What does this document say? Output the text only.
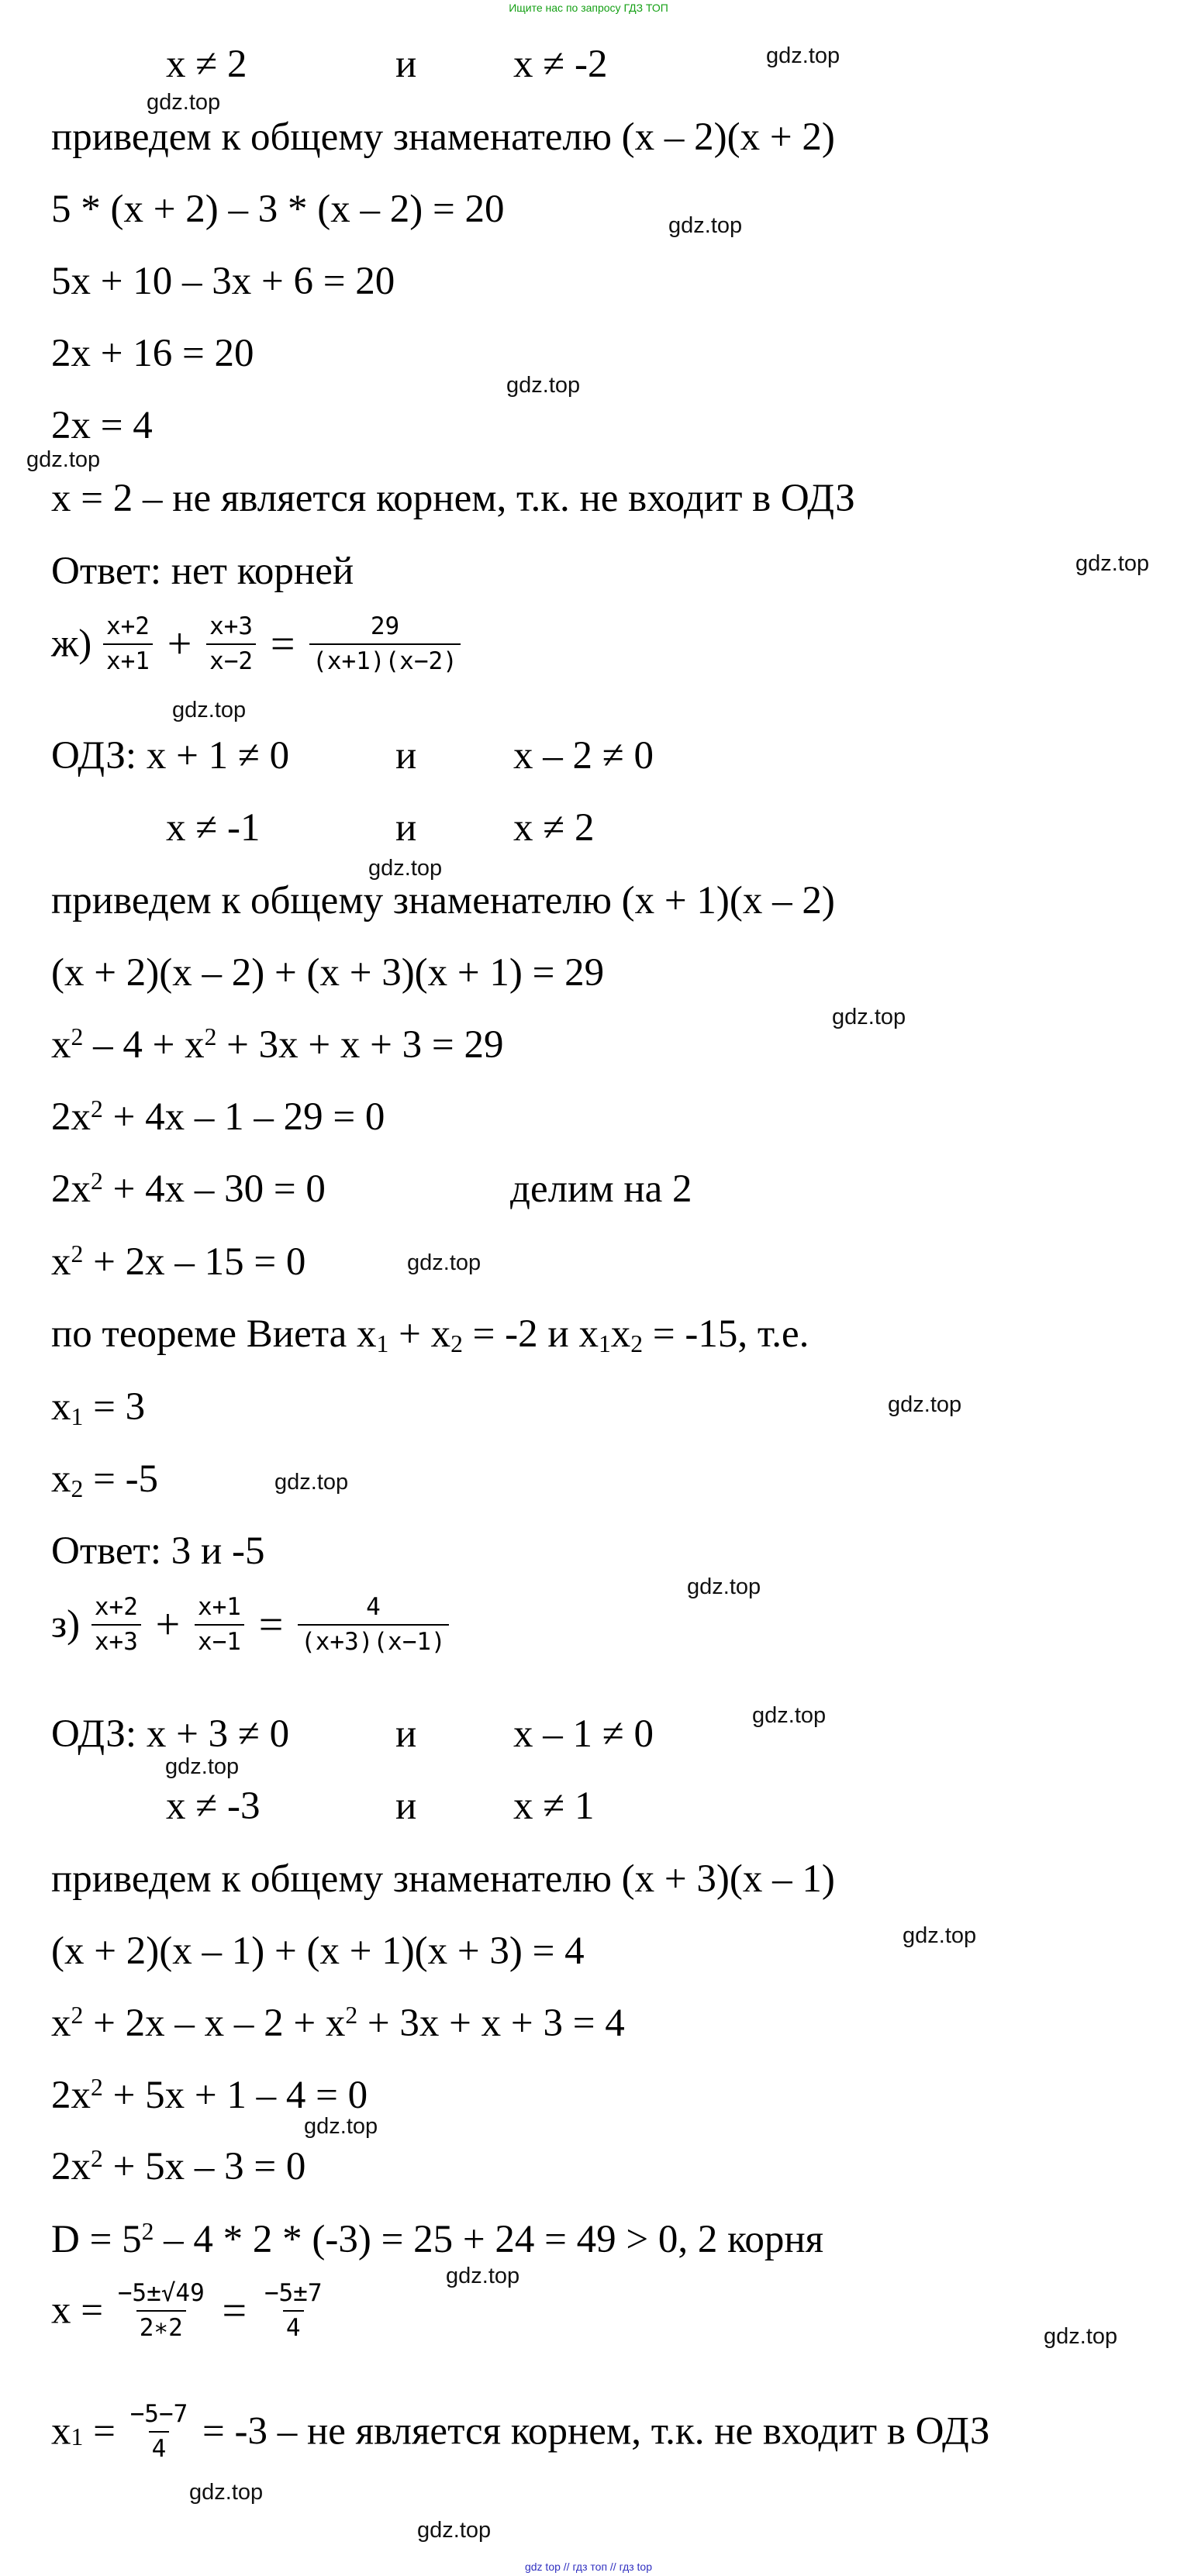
Ищите нас по запросу ГДЗ ТОП
x ≠ 2	и x ≠ -2
приведем к общему знаменателю (x – 2)(x + 2)
5 * (x + 2) – 3 * (x – 2) = 20
5x + 10 – 3x + 6 = 20
2x + 16 = 20
2x = 4
x = 2 – не является корнем, т.к. не входит в ОДЗ
Ответ: нет корней
$ж) \frac{x+2}{x+1} + \frac{x+3}{x-2} = \frac{29}{(x+1)(x-2)}$
ОДЗ: x + 1 ≠ 0	и x – 2 ≠ 0
x ≠ -1	и x ≠ 2
приведем к общему знаменателю (x + 1)(x – 2)
(x + 2)(x – 2) + (x + 3)(x + 1) = 29
$x^2 - 4 + x^2 + 3x + x + 3 = 29$
$2x^2 + 4x - 1 - 29 = 0$
$2x^2 + 4x - 30 = 0$	делим на 2
$x^2 + 2x - 15 = 0$
по теореме Виета $x_1 + x_2 = -2$ и $x_1x_2 = -15$, т.е.
$x_1 = 3$
$x_2 = -5$
Ответ: 3 и -5
$з) \frac{x+2}{x+3} + \frac{x+1}{x-1} = \frac{4}{(x+3)(x-1)}$
ОДЗ: x + 3 ≠ 0	и x – 1 ≠ 0
x ≠ -3	и x ≠ 1
приведем к общему знаменателю (x + 3)(x – 1)
(x + 2)(x – 1) + (x + 1)(x + 3) = 4
$x^2 + 2x - x - 2 + x^2 + 3x + x + 3 = 4$
$2x^2 + 5x + 1 - 4 = 0$
$2x^2 + 5x - 3 = 0$
$D = 5^2 - 4 * 2 * (-3) = 25 + 24 = 49 > 0$, 2 корня
$x = \frac{-5\pm√49}{2∗2} = \frac{-5\pm 7}{4}$
$x_1 = \frac{-5-7}{4} = -3$ – не является корнем, т.к. не входит в ОДЗ
gdz.top
gdz.top
gdz.top
gdz.top
gdz.top
gdz.top
gdz.top
gdz.top
gdz.top
gdz.top
gdz.top
gdz.top
gdz.top
gdz.top
gdz.top
gdz.top
gdz.top
gdz.top
gdz.top
gdz.top
gdz.top
gdz top // гдз топ // гдз top
